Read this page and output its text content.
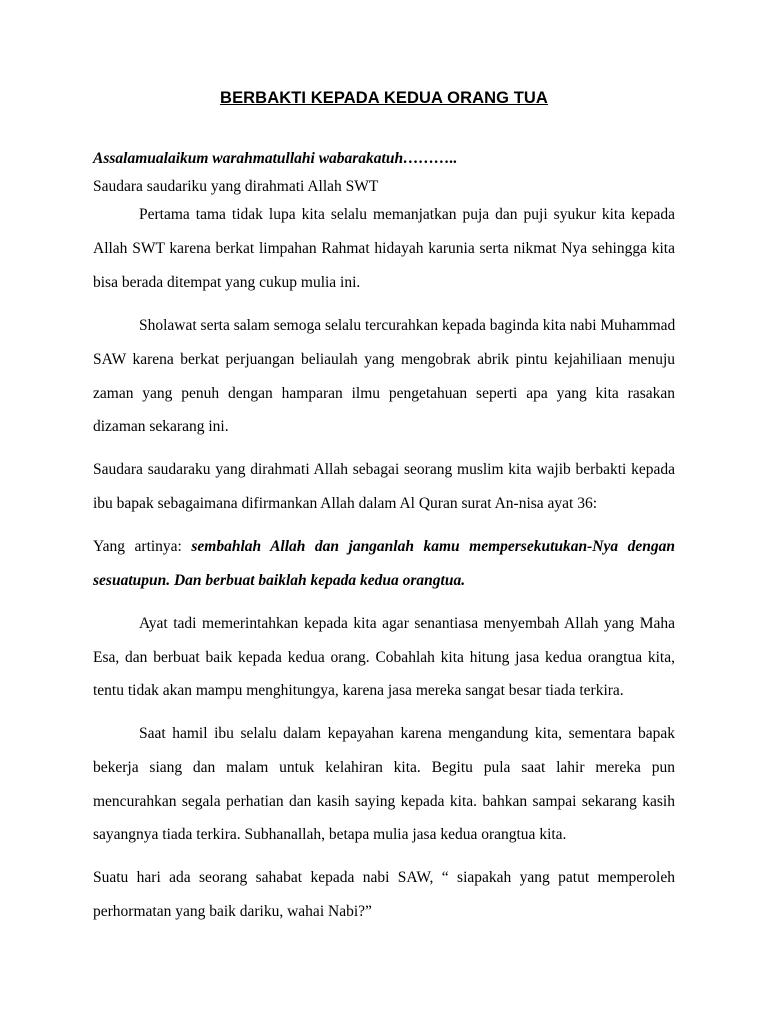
BERBAKTI KEPADA KEDUA ORANG TUA
Assalamualaikum warahmatullahi wabarakatuh………..
Saudara saudariku yang dirahmati Allah SWT
Pertama tama tidak lupa kita selalu memanjatkan puja dan puji syukur kita kepada
Allah SWT karena berkat limpahan Rahmat hidayah karunia serta nikmat Nya sehingga kita
bisa berada ditempat yang cukup mulia ini.
Sholawat serta salam semoga selalu tercurahkan kepada baginda kita nabi Muhammad
SAW karena berkat perjuangan beliaulah yang mengobrak abrik pintu kejahiliaan menuju
zaman yang penuh dengan hamparan ilmu pengetahuan seperti apa yang kita rasakan
dizaman sekarang ini.
Saudara saudaraku yang dirahmati Allah sebagai seorang muslim kita wajib berbakti kepada
ibu bapak sebagaimana difirmankan Allah dalam Al Quran surat An-nisa ayat 36:
Yang artinya: sembahlah Allah dan janganlah kamu mempersekutukan-Nya dengan
sesuatupun. Dan berbuat baiklah kepada kedua orangtua.
Ayat tadi memerintahkan kepada kita agar senantiasa menyembah Allah yang Maha
Esa, dan berbuat baik kepada kedua orang. Cobahlah kita hitung jasa kedua orangtua kita,
tentu tidak akan mampu menghitungya, karena jasa mereka sangat besar tiada terkira.
Saat hamil ibu selalu dalam kepayahan karena mengandung kita, sementara bapak
bekerja siang dan malam untuk kelahiran kita. Begitu pula saat lahir mereka pun
mencurahkan segala perhatian dan kasih saying kepada kita. bahkan sampai sekarang kasih
sayangnya tiada terkira. Subhanallah, betapa mulia jasa kedua orangtua kita.
Suatu hari ada seorang sahabat kepada nabi SAW, “ siapakah yang patut memperoleh
perhormatan yang baik dariku, wahai Nabi?”
